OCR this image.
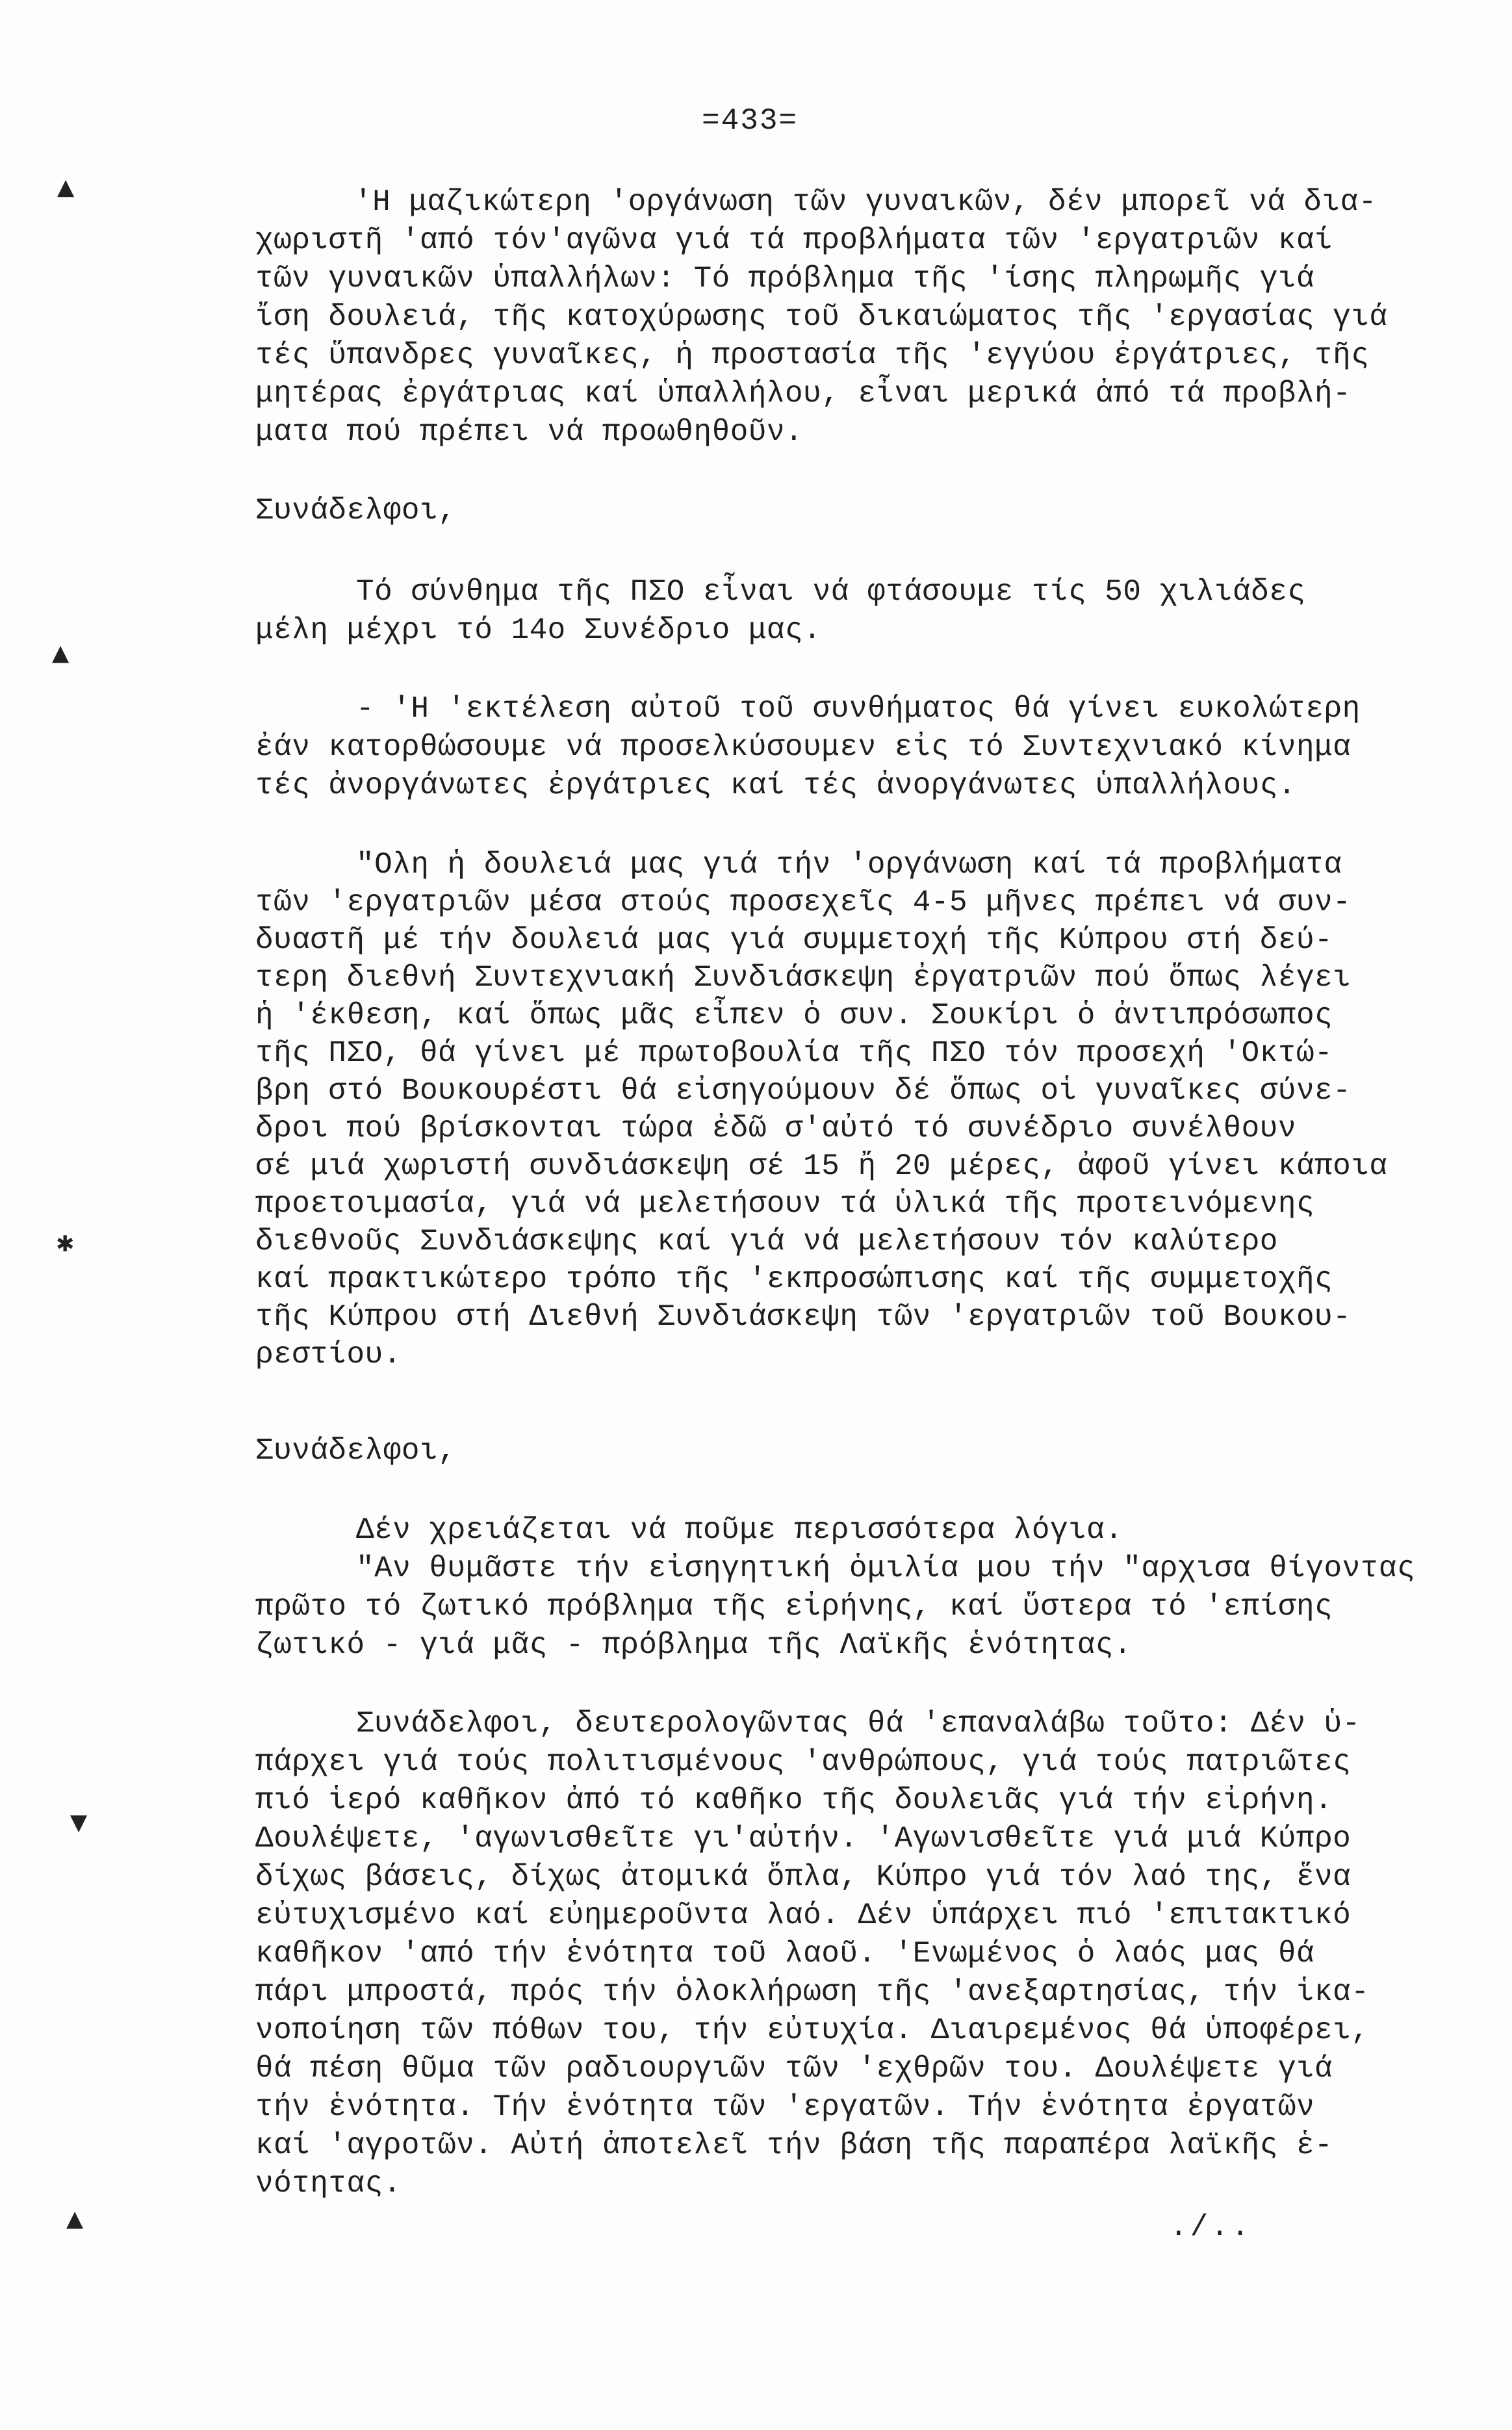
=433=
▲
▲
✱
▼
▲
'Η μαζικώτερη 'οργάνωση τῶν γυναικῶν, δέν μπορεῖ νά δια-
χωριστῆ 'από τόν'αγῶνα γιά τά προβλήματα τῶν 'εργατριῶν καί
τῶν γυναικῶν ὑπαλλήλων: Τό πρόβλημα τῆς 'ίσης πληρωμῆς γιά
ἴση δουλειά, τῆς κατοχύρωσης τοῦ δικαιώματος τῆς 'εργασίας γιά
τές ὕπανδρες γυναῖκες, ἡ προστασία τῆς 'εγγύου ἐργάτριες, τῆς
μητέρας ἐργάτριας καί ὑπαλλήλου, εἶναι μερικά ἀπό τά προβλή-
ματα πού πρέπει νά προωθηθοῦν.
Συνάδελφοι,
Τό σύνθημα τῆς ΠΣΟ εἶναι νά φτάσουμε τίς 50 χιλιάδες
μέλη μέχρι τό 14ο Συνέδριο μας.
- 'Η 'εκτέλεση αὐτοῦ τοῦ συνθήματος θά γίνει ευκολώτερη
ἐάν κατορθώσουμε νά προσελκύσουμεν εἰς τό Συντεχνιακό κίνημα
τές ἀνοργάνωτες ἐργάτριες καί τές ἀνοργάνωτες ὑπαλλήλους.
"Ολη ἡ δουλειά μας γιά τήν 'οργάνωση καί τά προβλήματα
τῶν 'εργατριῶν μέσα στούς προσεχεῖς 4-5 μῆνες πρέπει νά συν-
δυαστῆ μέ τήν δουλειά μας γιά συμμετοχή τῆς Κύπρου στή δεύ-
τερη διεθνή Συντεχνιακή Συνδιάσκεψη ἐργατριῶν πού ὅπως λέγει
ἡ 'έκθεση, καί ὅπως μᾶς εἶπεν ὁ συν. Σουκίρι ὁ ἀντιπρόσωπος
τῆς ΠΣΟ, θά γίνει μέ πρωτοβουλία τῆς ΠΣΟ τόν προσεχή 'Οκτώ-
βρη στό Βουκουρέστι θά εἰσηγούμουν δέ ὅπως οἱ γυναῖκες σύνε-
δροι πού βρίσκονται τώρα ἐδῶ σ'αὐτό τό συνέδριο συνέλθουν
σέ μιά χωριστή συνδιάσκεψη σέ 15 ἤ 20 μέρες, ἀφοῦ γίνει κάποια
προετοιμασία, γιά νά μελετήσουν τά ὑλικά τῆς προτεινόμενης
διεθνοῦς Συνδιάσκεψης καί γιά νά μελετήσουν τόν καλύτερο
καί πρακτικώτερο τρόπο τῆς 'εκπροσώπισης καί τῆς συμμετοχῆς
τῆς Κύπρου στή Διεθνή Συνδιάσκεψη τῶν 'εργατριῶν τοῦ Βουκου-
ρεστίου.
Συνάδελφοι,
Δέν χρειάζεται νά ποῦμε περισσότερα λόγια.
"Αν θυμᾶστε τήν εἰσηγητική ὁμιλία μου τήν "αρχισα θίγοντας
πρῶτο τό ζωτικό πρόβλημα τῆς εἰρήνης, καί ὕστερα τό 'επίσης
ζωτικό - γιά μᾶς - πρόβλημα τῆς Λαϊκῆς ἑνότητας.
Συνάδελφοι, δευτερολογῶντας θά 'επαναλάβω τοῦτο: Δέν ὑ-
πάρχει γιά τούς πολιτισμένους 'ανθρώπους, γιά τούς πατριῶτες
πιό ἱερό καθῆκον ἀπό τό καθῆκο τῆς δουλειᾶς γιά τήν εἰρήνη.
Δουλέψετε, 'αγωνισθεῖτε γι'αὐτήν. 'Αγωνισθεῖτε γιά μιά Κύπρο
δίχως βάσεις, δίχως ἀτομικά ὅπλα, Κύπρο γιά τόν λαό της, ἕνα
εὐτυχισμένο καί εὐημεροῦντα λαό. Δέν ὑπάρχει πιό 'επιτακτικό
καθῆκον 'από τήν ἑνότητα τοῦ λαοῦ. 'Ενωμένος ὁ λαός μας θά
πάρι μπροστά, πρός τήν ὁλοκλήρωση τῆς 'ανεξαρτησίας, τήν ἱκα-
νοποίηση τῶν πόθων του, τήν εὐτυχία. Διαιρεμένος θά ὑποφέρει,
θά πέση θῦμα τῶν ραδιουργιῶν τῶν 'εχθρῶν του. Δουλέψετε γιά
τήν ἑνότητα. Τήν ἑνότητα τῶν 'εργατῶν. Τήν ἑνότητα ἐργατῶν
καί 'αγροτῶν. Αὐτή ἀποτελεῖ τήν βάση τῆς παραπέρα λαϊκῆς ἑ-
νότητας.
./..
